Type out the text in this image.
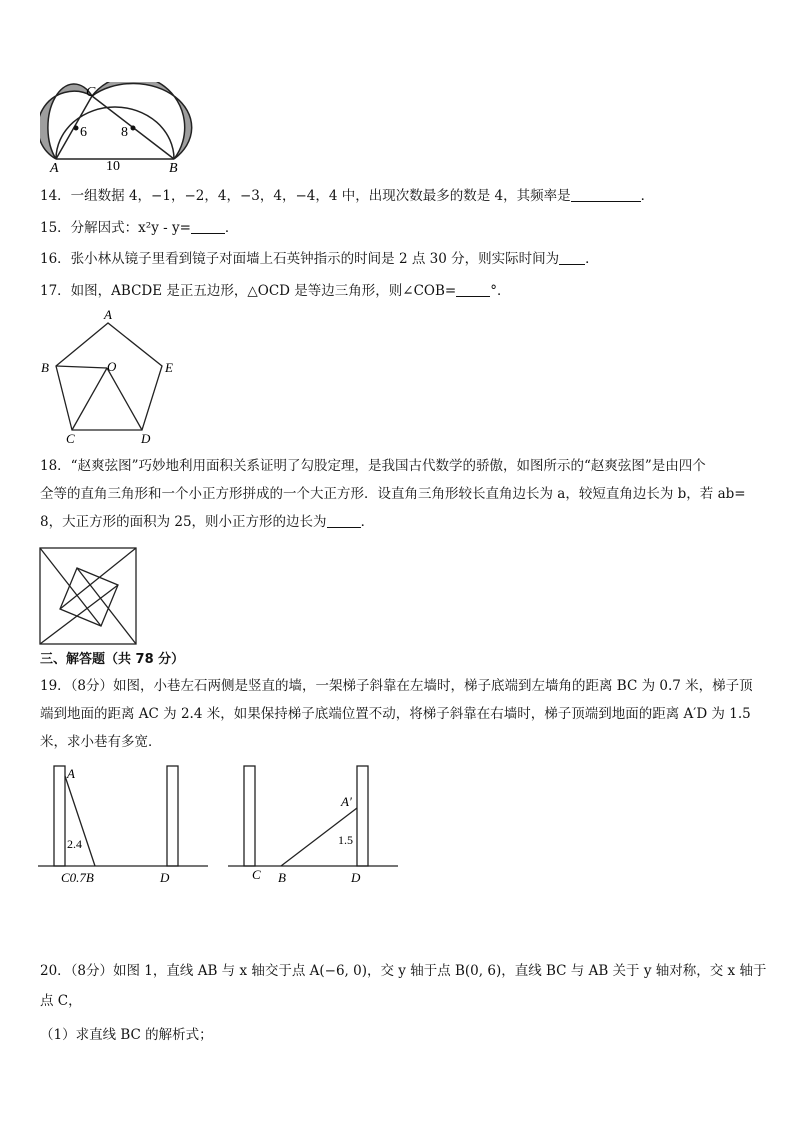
C
A	B
6 8
10
14．一组数据 4，−1，−2，4，−3，4，−4，4 中，出现次数最多的数是 4，其频率是	．
15．分解因式：x²y - y=	．
16．张小林从镜子里看到镜子对面墙上石英钟指示的时间是 2 点 30 分，则实际时间为 ．
17．如图，ABCDE 是正五边形，△OCD 是等边三角形，则∠COB=	°．
A
B	O	E
C	D
18．“赵爽弦图”巧妙地利用面积关系证明了勾股定理，是我国古代数学的骄傲，如图所示的“赵爽弦图”是由四个
全等的直角三角形和一个小正方形拼成的一个大正方形．设直角三角形较长直角边长为 a，较短直角边长为 b，若 ab=
8，大正方形的面积为 25，则小正方形的边长为	．
三、解答题（共 78 分）
19．（8分）如图，小巷左石两侧是竖直的墙，一架梯子斜靠在左墙时，梯子底端到左墙角的距离 BC 为 0.7 米，梯子顶
端到地面的距离 AC 为 2.4 米，如果保持梯子底端位置不动，将梯子斜靠在右墙时，梯子顶端到地面的距离 A′D 为 1.5
米，求小巷有多宽．
A
2.4
C0.7B	D
A′
1.5
C B	D
20．（8分）如图 1，直线 AB 与 x 轴交于点 A(−6, 0)，交 y 轴于点 B(0, 6)，直线 BC 与 AB 关于 y 轴对称，交 x 轴于
点 C，
（1）求直线 BC 的解析式；
